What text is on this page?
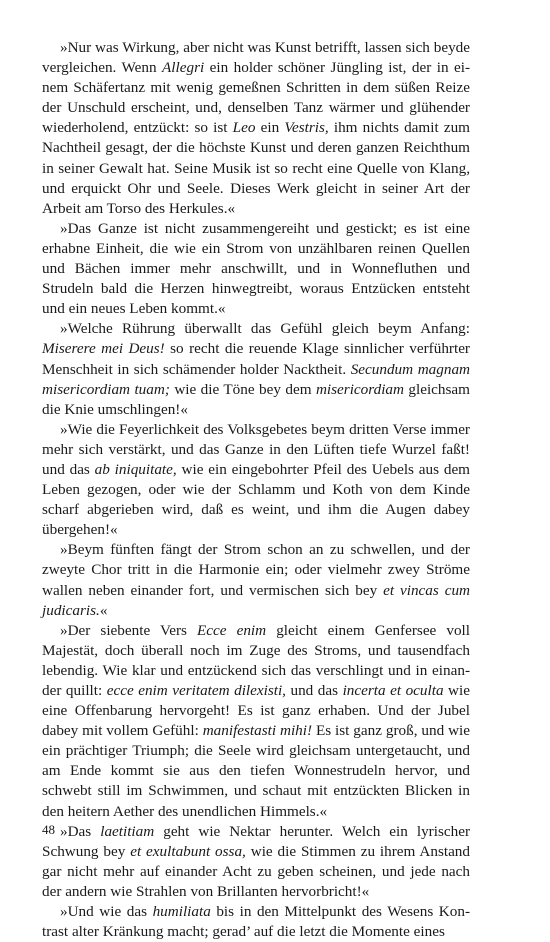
»Nur was Wirkung, aber nicht was Kunst betrifft, lassen sich beyde vergleichen. Wenn Allegri ein holder schöner Jüngling ist, der in einem Schäfertanz mit wenig gemeßnen Schritten in dem süßen Reize der Unschuld erscheint, und, denselben Tanz wärmer und glühender wiederholend, entzückt: so ist Leo ein Vestris, ihm nichts damit zum Nachtheil gesagt, der die höchste Kunst und deren ganzen Reichthum in seiner Gewalt hat. Seine Musik ist so recht eine Quelle von Klang, und erquickt Ohr und Seele. Dieses Werk gleicht in seiner Art der Arbeit am Torso des Herkules.«

»Das Ganze ist nicht zusammengereiht und gestickt; es ist eine erhabne Einheit, die wie ein Strom von unzählbaren reinen Quellen und Bächen immer mehr anschwillt, und in Wonnefluthen und Strudeln bald die Herzen hinwegtreibt, woraus Entzücken entsteht und ein neues Leben kommt.«

»Welche Rührung überwallt das Gefühl gleich beym Anfang: Miserere mei Deus! so recht die reuende Klage sinnlicher verführter Menschheit in sich schämender holder Nacktheit. Secundum magnam misericordiam tuam; wie die Töne bey dem misericordiam gleichsam die Knie umschlingen!«

»Wie die Feyerlichkeit des Volksgebetes beym dritten Verse immer mehr sich verstärkt, und das Ganze in den Lüften tiefe Wurzel faßt! und das ab iniquitate, wie ein eingebohrter Pfeil des Uebels aus dem Leben gezogen, oder wie der Schlamm und Koth von dem Kinde scharf abgerieben wird, daß es weint, und ihm die Augen dabey übergehen!«

»Beym fünften fängt der Strom schon an zu schwellen, und der zweyte Chor tritt in die Harmonie ein; oder vielmehr zwey Ströme wallen neben einander fort, und vermischen sich bey et vincas cum judicaris.«

»Der siebente Vers Ecce enim gleicht einem Genfersee voll Majestät, doch überall noch im Zuge des Stroms, und tausendfach lebendig. Wie klar und entzückend sich das verschlingt und in einander quillt: ecce enim veritatem dilexisti, und das incerta et oculta wie eine Offenbarung hervorgeht! Es ist ganz erhaben. Und der Jubel dabey mit vollem Gefühl: manifestasti mihi! Es ist ganz groß, und wie ein prächtiger Triumph; die Seele wird gleichsam untergetaucht, und am Ende kommt sie aus den tiefen Wonnestrudeln hervor, und schwebt still im Schwimmen, und schaut mit entzückten Blicken in den heitern Aether des unendlichen Himmels.«

»Das laetitiam geht wie Nektar herunter. Welch ein lyrischer Schwung bey et exultabunt ossa, wie die Stimmen zu ihrem Anstand gar nicht mehr auf einander Acht zu geben scheinen, und jede nach der andern wie Strahlen von Brillanten hervorbricht!«

»Und wie das humiliata bis in den Mittelpunkt des Wesens Kontrast alter Kränkung macht; gerad’ auf die letzt die Momente eines

48
